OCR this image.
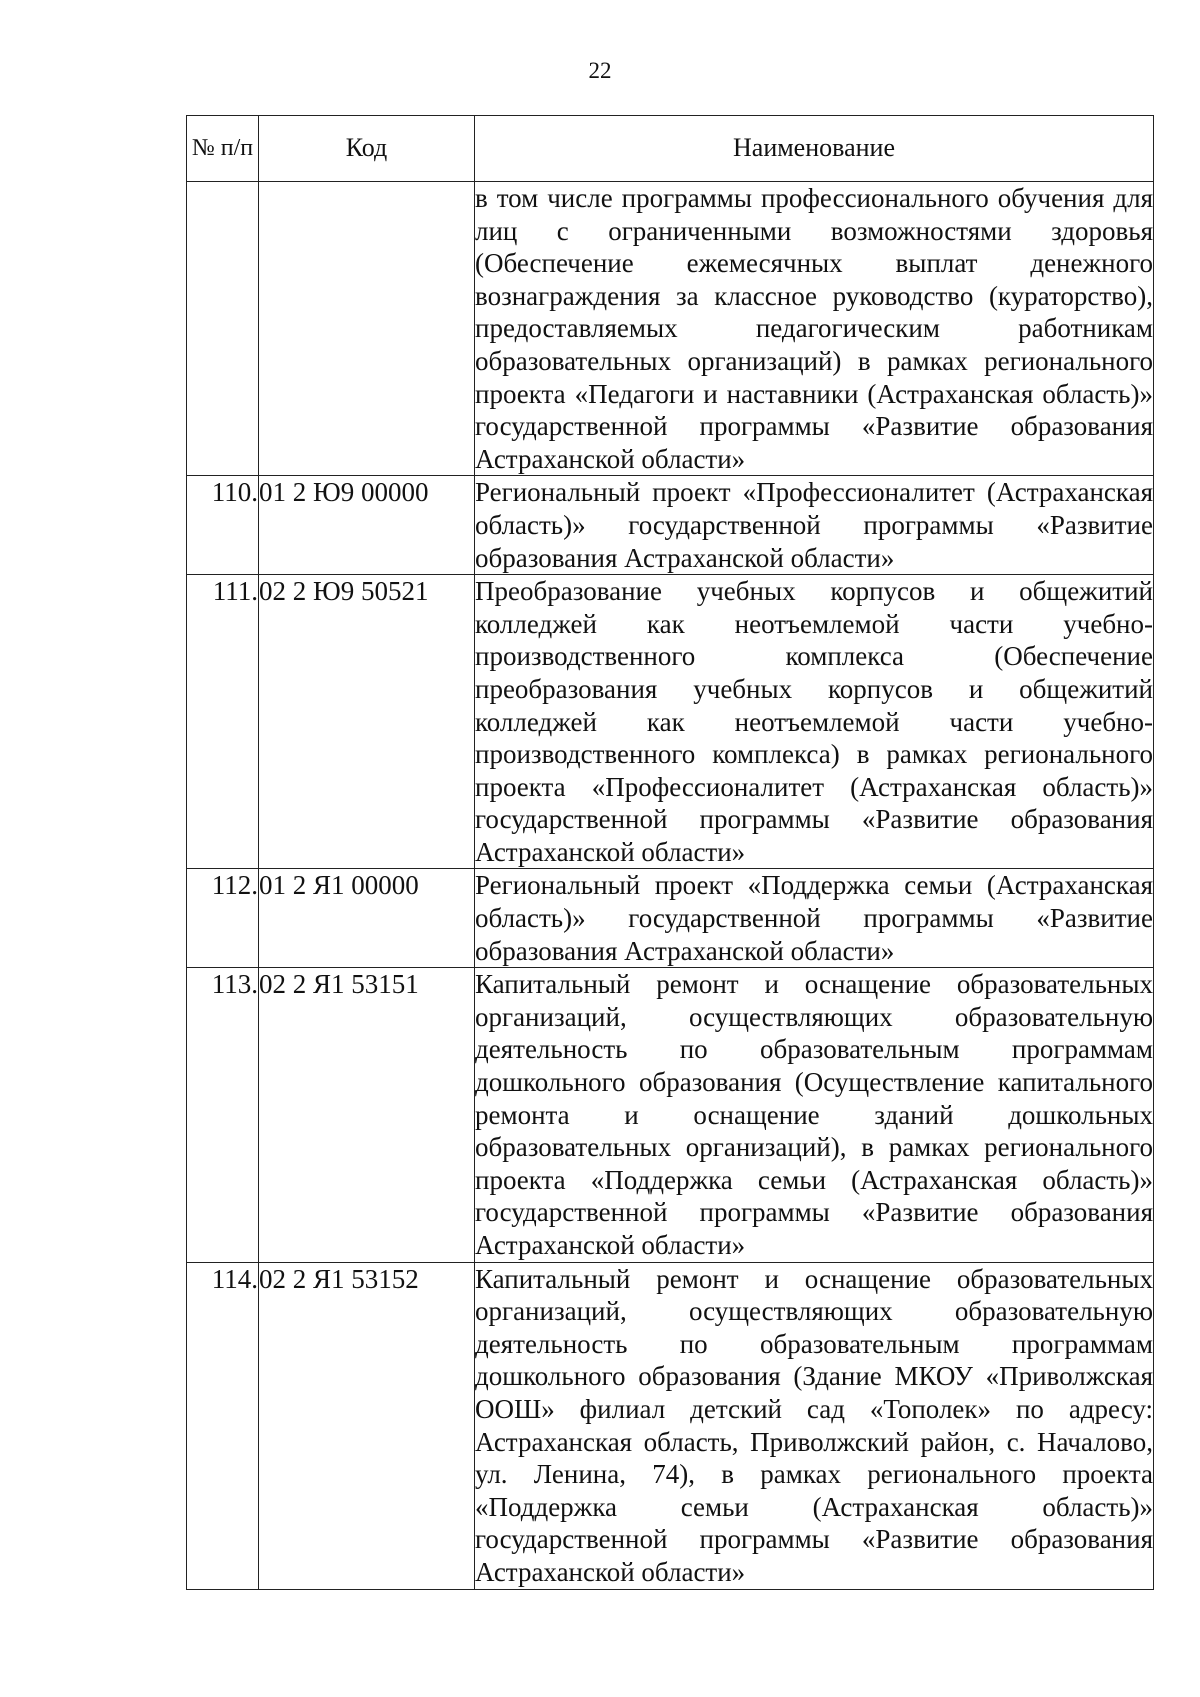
22
№ п/п	Код	Наименование
		в том числе программы профессионального обучения для лиц с ограниченными возможностями здоровья (Обеспечение ежемесячных выплат денежного вознаграждения за классное руководство (кураторство), предоставляемых педагогическим работникам образовательных организаций) в рамках регионального проекта «Педагоги и наставники (Астраханская область)» государственной программы «Развитие образования Астраханской области»
110.	01 2 Ю9 00000	Региональный проект «Профессионалитет (Астраханская область)» государственной программы «Развитие образования Астраханской области»
111.	02 2 Ю9 50521	Преобразование учебных корпусов и общежитий колледжей как неотъемлемой части учебно-производственного комплекса (Обеспечение преобразования учебных корпусов и общежитий колледжей как неотъемлемой части учебно-производственного комплекса) в рамках регионального проекта «Профессионалитет (Астраханская область)» государственной программы «Развитие образования Астраханской области»
112.	01 2 Я1 00000	Региональный проект «Поддержка семьи (Астраханская область)» государственной программы «Развитие образования Астраханской области»
113.	02 2 Я1 53151	Капитальный ремонт и оснащение образовательных организаций, осуществляющих образовательную деятельность по образовательным программам дошкольного образования (Осуществление капитального ремонта и оснащение зданий дошкольных образовательных организаций), в рамках регионального проекта «Поддержка семьи (Астраханская область)» государственной программы «Развитие образования Астраханской области»
114.	02 2 Я1 53152	Капитальный ремонт и оснащение образовательных организаций, осуществляющих образовательную деятельность по образовательным программам дошкольного образования (Здание МКОУ «Приволжская ООШ» филиал детский сад «Тополек» по адресу: Астраханская область, Приволжский район, с. Началово, ул. Ленина, 74), в рамках регионального проекта «Поддержка семьи (Астраханская область)» государственной программы «Развитие образования Астраханской области»
